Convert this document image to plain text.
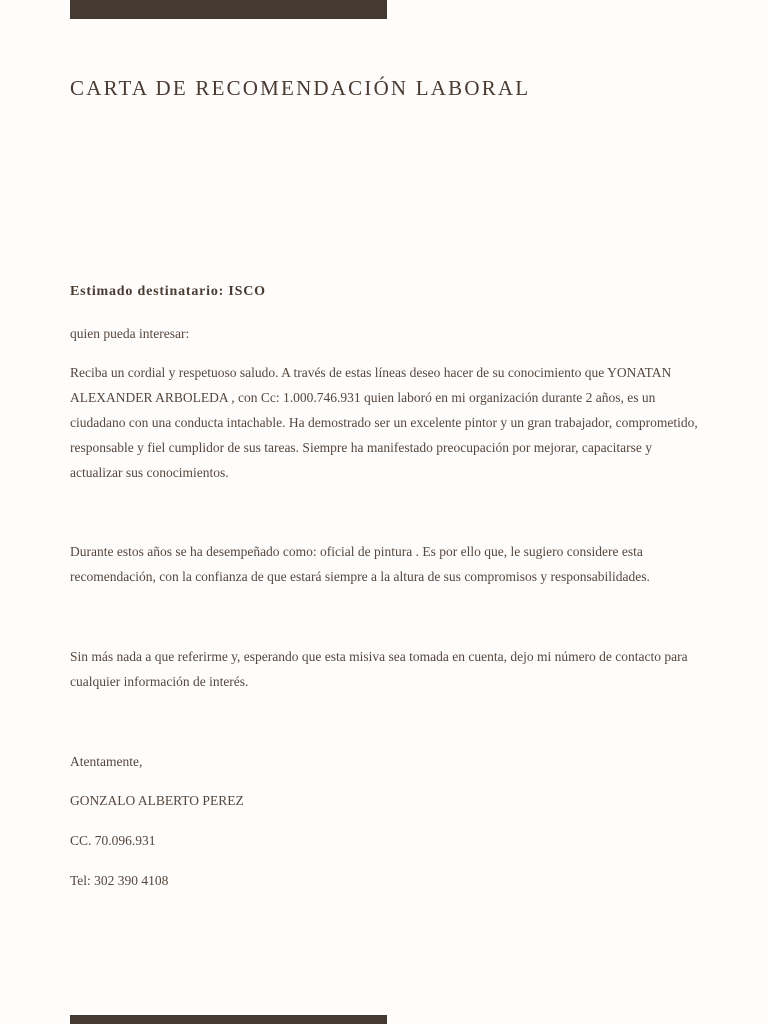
CARTA DE RECOMENDACIÓN LABORAL

Estimado destinatario: ISCO

quien pueda interesar:

Reciba un cordial y respetuoso saludo. A través de estas líneas deseo hacer de su conocimiento que YONATAN ALEXANDER ARBOLEDA , con Cc: 1.000.746.931 quien laboró en mi organización durante 2 años, es un ciudadano con una conducta intachable. Ha demostrado ser un excelente pintor y un gran trabajador, comprometido, responsable y fiel cumplidor de sus tareas. Siempre ha manifestado preocupación por mejorar, capacitarse y actualizar sus conocimientos.

Durante estos años se ha desempeñado como: oficial de pintura . Es por ello que, le sugiero considere esta recomendación, con la confianza de que estará siempre a la altura de sus compromisos y responsabilidades.

Sin más nada a que referirme y, esperando que esta misiva sea tomada en cuenta, dejo mi número de contacto para cualquier información de interés.

Atentamente,

GONZALO ALBERTO PEREZ

CC. 70.096.931

Tel: 302 390 4108
